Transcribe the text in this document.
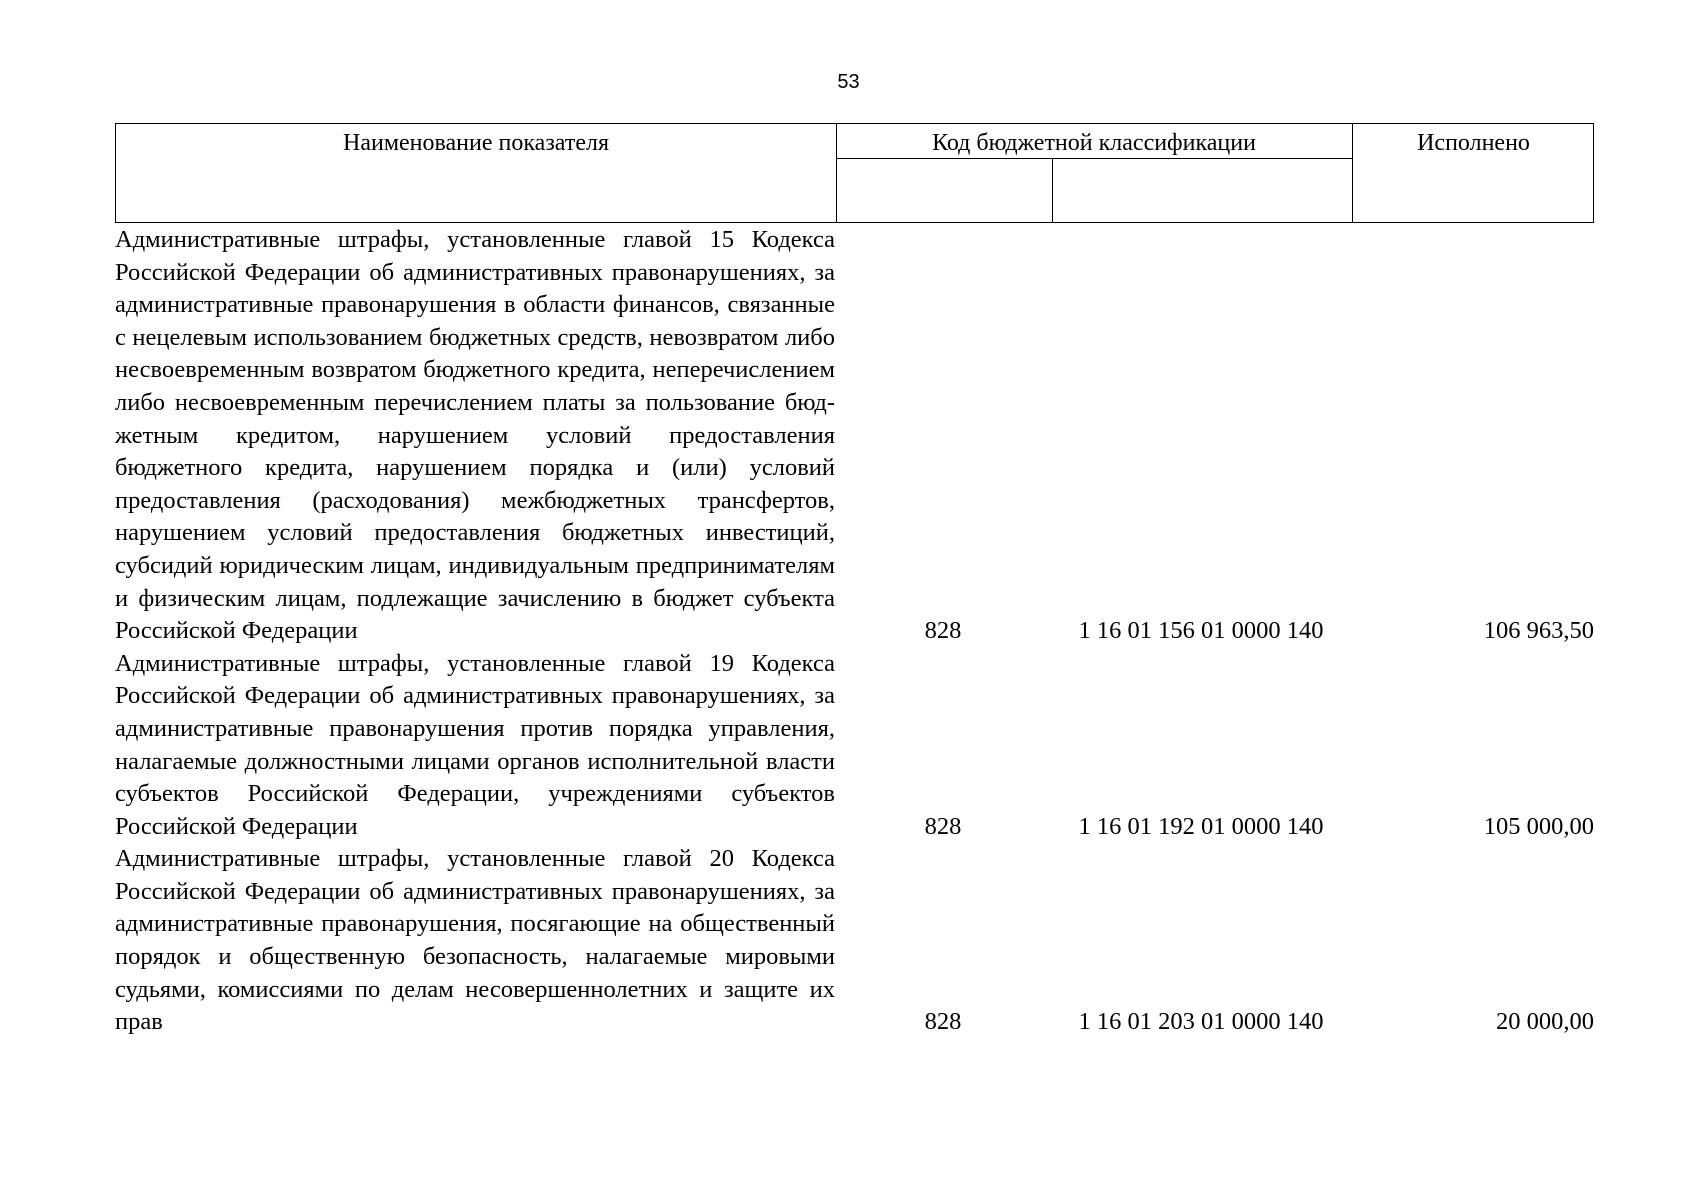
53
Наименование показателя	Код бюджетной классификации	Исполнено
Административные штрафы, установленные главой 15 Кодекса Российской Федерации об административных правонарушениях, за административные правонарушения в области финансов, связанные с нецелевым использованием бюджетных средств, невозвратом либо несвоевременным возвратом бюджетного кредита, неперечислением либо несвоевременным перечислением платы за пользование бюджетным кредитом, нарушением условий предоставления бюджетного кредита, нарушением порядка и (или) условий предоставления (расходования) межбюджетных трансфертов, нарушением условий предоставления бюджетных инвестиций, субсидий юридическим лицам, индивидуальным предпринимателям и физическим лицам, подлежащие зачислению в бюджет субъекта Российской Федерации	828	1 16 01 156 01 0000 140	106 963,50
Административные штрафы, установленные главой 19 Кодекса Российской Федерации об административных правонарушениях, за административные правонарушения против порядка управления, налагаемые должностными лицами органов исполнительной власти субъектов Российской Федерации, учреждениями субъектов Российской Федерации	828	1 16 01 192 01 0000 140	105 000,00
Административные штрафы, установленные главой 20 Кодекса Российской Федерации об административных правонарушениях, за административные правонарушения, посягающие на общественный порядок и общественную безопасность, налагаемые мировыми судьями, комиссиями по делам несовершеннолетних и защите их прав	828	1 16 01 203 01 0000 140	20 000,00
